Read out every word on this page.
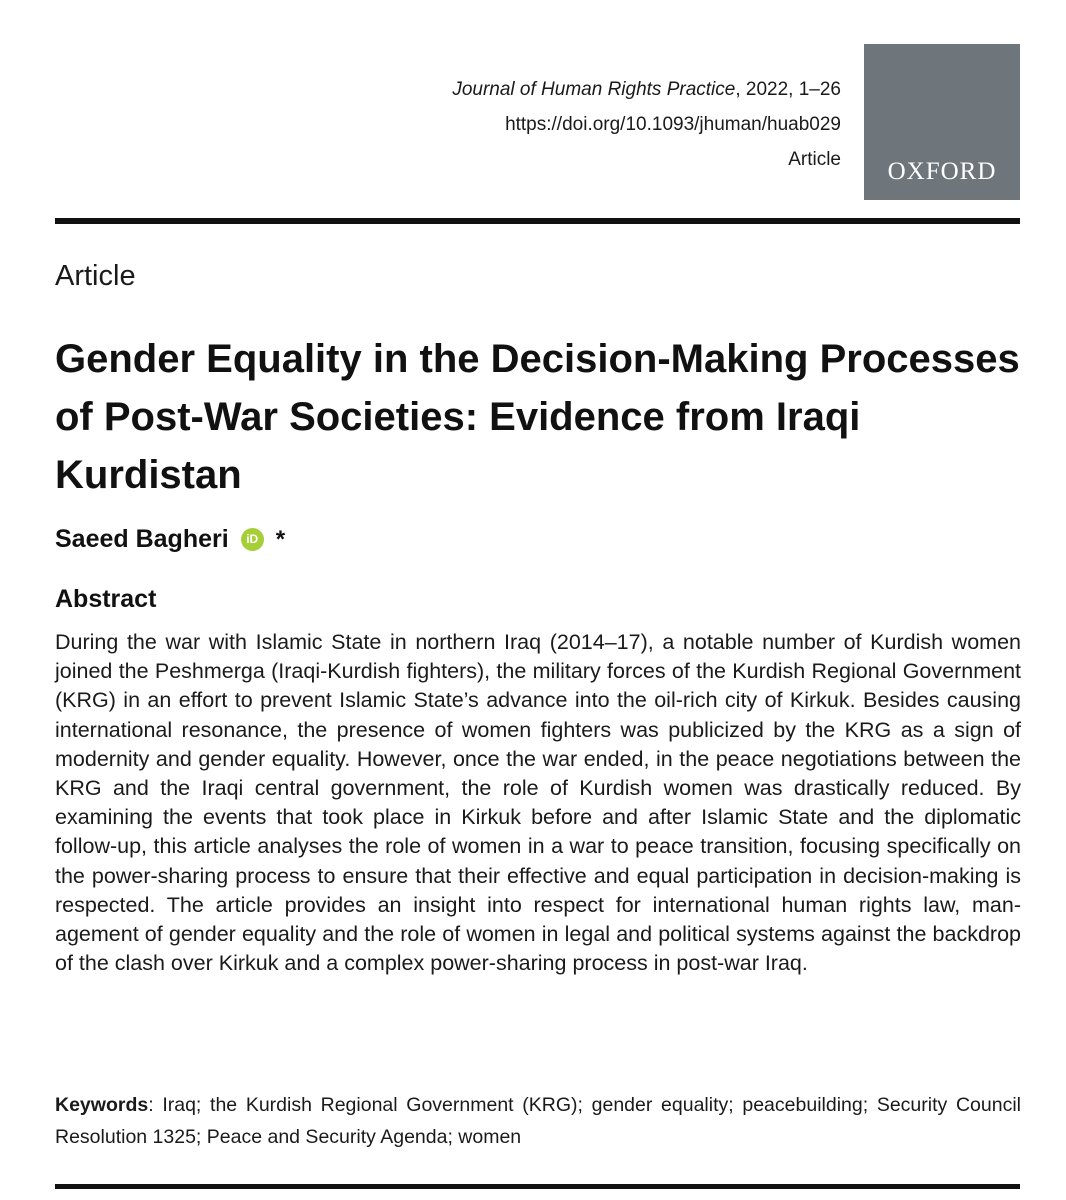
Journal of Human Rights Practice, 2022, 1–26
https://doi.org/10.1093/jhuman/huab029
Article OXFORD
Article
Gender Equality in the Decision-Making Processes of Post-War Societies: Evidence from Iraqi Kurdistan
Saeed Bagheri	iD *
Abstract

During the war with Islamic State in northern Iraq (2014–17), a notable number of Kurdish women joined the Peshmerga (Iraqi-Kurdish fighters), the military forces of the Kurdish Regional Government (KRG) in an effort to prevent Islamic State’s advance into the oil-rich city of Kirkuk. Besides causing international resonance, the presence of women fighters was publicized by the KRG as a sign of modernity and gender equality. However, once the war ended, in the peace negotiations between the KRG and the Iraqi central government, the role of Kurdish women was drastically reduced. By examining the events that took place in Kirkuk before and after Islamic State and the diplomatic follow-up, this article analyses the role of women in a war to peace transition, focusing specifically on the power-sharing process to ensure that their effective and equal participation in decision-making is respected. The article provides an insight into respect for international human rights law, management of gender equality and the role of women in legal and political systems against the backdrop of the clash over Kirkuk and a complex power-sharing process in post-war Iraq.

Keywords: Iraq; the Kurdish Regional Government (KRG); gender equality; peacebuilding; Security Council Resolution 1325; Peace and Security Agenda; women
